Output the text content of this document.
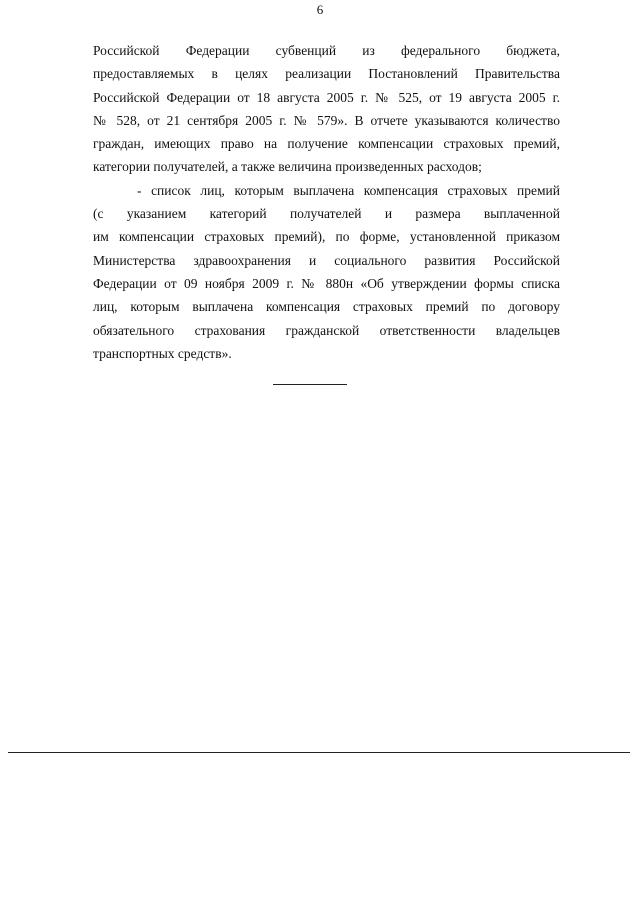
6
Российской Федерации субвенций из федерального бюджета,
предоставляемых в целях реализации Постановлений Правительства
Российской Федерации от 18 августа 2005 г. № 525, от 19 августа 2005 г.
№ 528, от 21 сентября 2005 г. № 579». В отчете указываются количество
граждан, имеющих право на получение компенсации страховых премий,
категории получателей, а также величина произведенных расходов;
- список лиц, которым выплачена компенсация страховых премий
(с указанием категорий получателей и размера выплаченной
им компенсации страховых премий), по форме, установленной приказом
Министерства здравоохранения и социального развития Российской
Федерации от 09 ноября 2009 г. № 880н «Об утверждении формы списка
лиц, которым выплачена компенсация страховых премий по договору
обязательного страхования гражданской ответственности владельцев
транспортных средств».
